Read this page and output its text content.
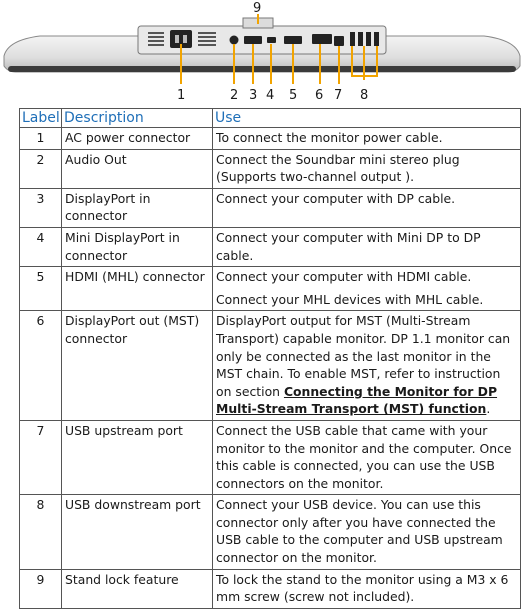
9
1	2 3 4 5 6 7 8
Label	Description	Use
1	AC power connector	To connect the monitor power cable.
2	Audio Out	Connect the Soundbar mini stereo plug (Supports two-channel output ).
3	DisplayPort in connector	Connect your computer with DP cable.
4	Mini DisplayPort in connector	Connect your computer with Mini DP to DP cable.
5	HDMI (MHL) connector	Connect your computer with HDMI cable.
Connect your MHL devices with MHL cable.
6	DisplayPort out (MST) connector	DisplayPort output for MST (Multi-Stream Transport) capable monitor. DP 1.1 monitor can only be connected as the last monitor in the MST chain. To enable MST, refer to instruction on section Connecting the Monitor for DP Multi-Stream Transport (MST) function.
7	USB upstream port	Connect the USB cable that came with your monitor to the monitor and the computer. Once this cable is connected, you can use the USB connectors on the monitor.
8	USB downstream port	Connect your USB device. You can use this connector only after you have connected the USB cable to the computer and USB upstream connector on the monitor.
9	Stand lock feature	To lock the stand to the monitor using a M3 x 6 mm screw (screw not included).
